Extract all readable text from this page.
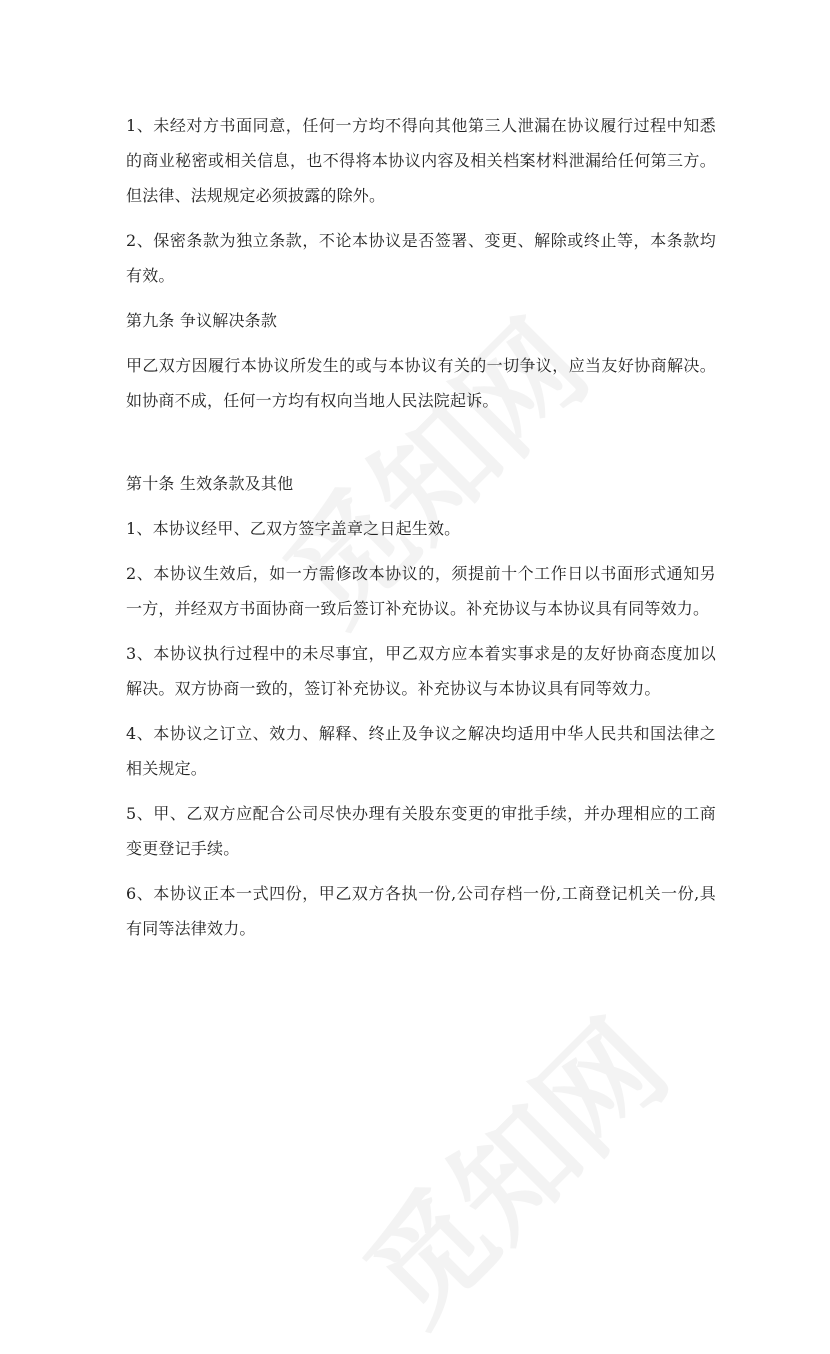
1、未经对方书面同意，任何一方均不得向其他第三人泄漏在协议履行过程中知悉的商业秘密或相关信息，也不得将本协议内容及相关档案材料泄漏给任何第三方。但法律、法规规定必须披露的除外。

2、保密条款为独立条款，不论本协议是否签署、变更、解除或终止等，本条款均有效。

第九条 争议解决条款

甲乙双方因履行本协议所发生的或与本协议有关的一切争议，应当友好协商解决。如协商不成，任何一方均有权向当地人民法院起诉。

第十条 生效条款及其他

1、本协议经甲、乙双方签字盖章之日起生效。

2、本协议生效后，如一方需修改本协议的，须提前十个工作日以书面形式通知另一方，并经双方书面协商一致后签订补充协议。补充协议与本协议具有同等效力。

3、本协议执行过程中的未尽事宜，甲乙双方应本着实事求是的友好协商态度加以解决。双方协商一致的，签订补充协议。补充协议与本协议具有同等效力。

4、本协议之订立、效力、解释、终止及争议之解决均适用中华人民共和国法律之相关规定。

5、甲、乙双方应配合公司尽快办理有关股东变更的审批手续，并办理相应的工商变更登记手续。

6、本协议正本一式四份，甲乙双方各执一份,公司存档一份,工商登记机关一份,具有同等法律效力。
